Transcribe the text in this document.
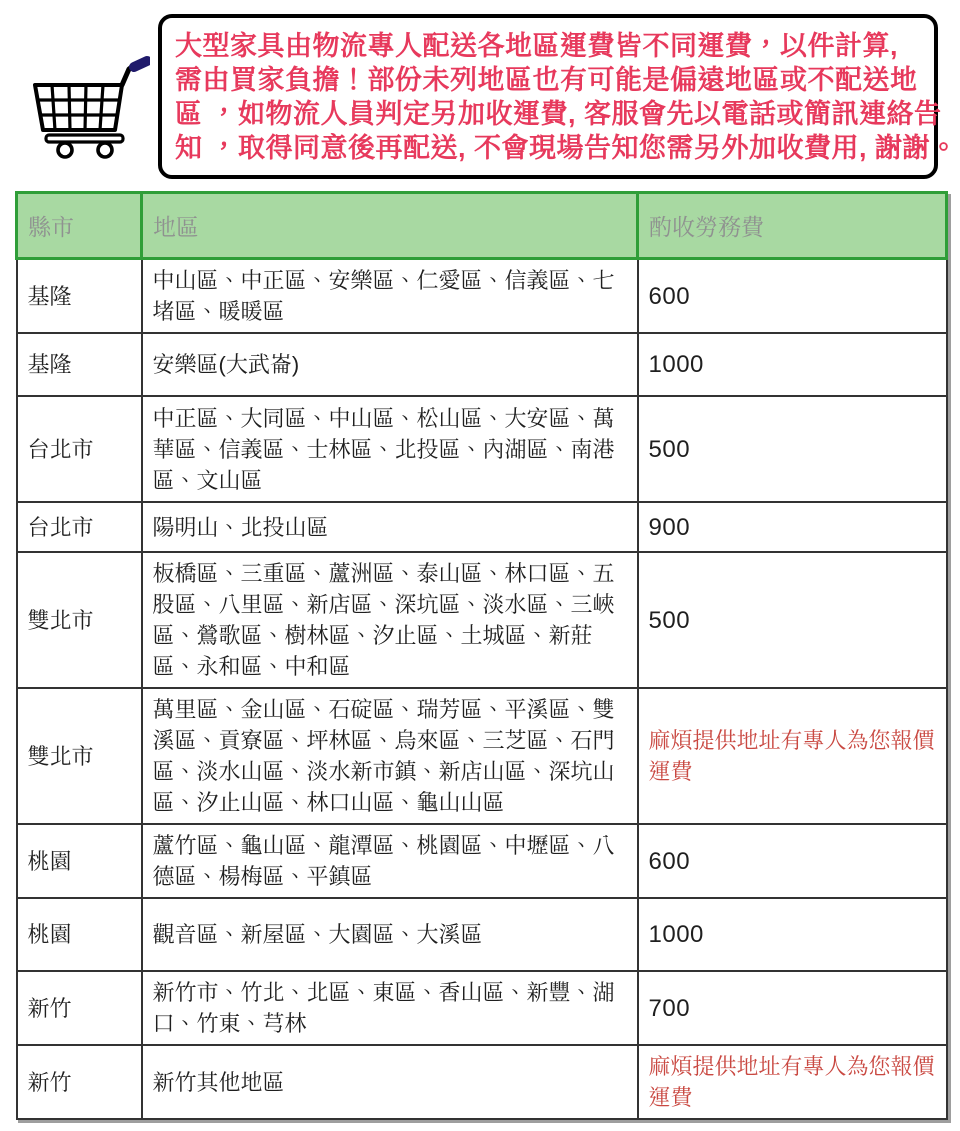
大型家具由物流專人配送各地區運費皆不同運費，以件計算,
需由買家負擔！部份未列地區也有可能是偏遠地區或不配送地
區 ，如物流人員判定另加收運費, 客服會先以電話或簡訊連絡告
知 ，取得同意後再配送, 不會現場告知您需另外加收費用, 謝謝。
縣市	地區	酌收勞務費
基隆	中山區、中正區、安樂區、仁愛區、信義區、七堵區、暖暖區	600
基隆	安樂區(大武崙)	1000
台北市	中正區、大同區、中山區、松山區、大安區、萬華區、信義區、士林區、北投區、內湖區、南港區、文山區	500
台北市	陽明山、北投山區	900
雙北市	板橋區、三重區、蘆洲區、泰山區、林口區、五股區、八里區、新店區、深坑區、淡水區、三峽區、鶯歌區、樹林區、汐止區、土城區、新莊區、永和區、中和區	500
雙北市	萬里區、金山區、石碇區、瑞芳區、平溪區、雙溪區、貢寮區、坪林區、烏來區、三芝區、石門區、淡水山區、淡水新市鎮、新店山區、深坑山區、汐止山區、林口山區、龜山山區	麻煩提供地址有專人為您報價運費
桃園	蘆竹區、龜山區、龍潭區、桃園區、中壢區、八德區、楊梅區、平鎮區	600
桃園	觀音區、新屋區、大園區、大溪區	1000
新竹	新竹市、竹北、北區、東區、香山區、新豐、湖口、竹東、芎林	700
新竹	新竹其他地區	麻煩提供地址有專人為您報價運費
